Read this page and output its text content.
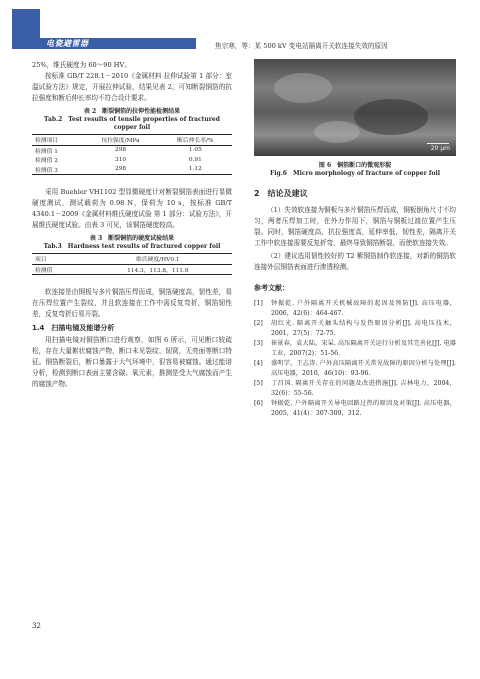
电瓷避雷器	焦宗寒，等：某 500 kV 变电站隔离开关软连接失效的原因

25%，维氏硬度为 60～90 HV。

按标准 GB/T 228.1－2010《金属材料 拉伸试验第 1 部分：室温试验方法》规定，开展拉伸试验，结果见表 2，可知断裂铜箔的抗拉强度和断后伸长率均不符合设计要求。

表 2　断裂铜箔的拉伸性能检测结果
Tab.2　Test results of tensile properties of fractured copper foil
检测项目	抗拉强度/MPa	断后伸长率/%
检测值 1	298	1.05
检测值 2	310	0.91
检测值 3	298	1.12

采用 Buehler VH1102 型显微硬度计对断裂铜箔表面进行显微硬度测试，测试载荷为 0.98 N，保荷为 10 s，按标准 GB/T 4340.1－2009《金属材料维氏硬度试验 第 1 部分：试验方法》，开展维氏硬度试验。由表 3 可见，该铜箔硬度较高。

表 3　断裂铜箔的硬度试验结果
Tab.3　Hardness test results of fractured copper foil
项目	维氏硬度/HV0.1
检测值	114.3，113.8，111.9

软连接是由铜板与多片铜箔压焊而成，铜箔硬度高，韧性差，易在压焊位置产生裂纹，并且软连接在工作中需反复弯折，铜箔韧性差，反复弯折后易开裂。

1.4　扫描电镜及能谱分析

用扫描电镜对铜箔断口进行观察，如图 6 所示，可见断口较疏松，存在大量絮状腐蚀产物，断口未见裂纹、韧窝，无亮面等断口特征。铜箔断裂后，断口暴露于大气环境中，很容易被腐蚀。通过能谱分析，检测到断口表面主要含碳、氧元素，推测是受大气腐蚀而产生的腐蚀产物。

32
20 μm
图 6　铜箔断口的微观形貌
Fig.6　Micro morphology of fracture of copper foil
2　结论及建议

（1）失效软连接为铜板与多片铜箔压焊而成，铜板倒角尺寸不均匀，两者压焊加工时，在外力作用下，铜箔与铜板过渡位置产生压裂。同时，铜箔硬度高，抗拉强度高，延伸率低，韧性差，隔离开关工作中软连接需要反复折弯，最终导致铜箔断裂，而使软连接失效。

（2）建议选用韧性较好的 T2 紫铜箔制作软连接，对新的铜箔软连接外层铜箔表面进行渗透检测。

参考文献：
[1]	钟振乾. 户外隔离开关机械故障的起因及预防[J]. 高压电器，2006，42(6)：464-467.
[2]	胡红光. 隔离开关触头结构与发热原因分析[J]. 高电压技术，2001，27(5)：72-75.
[3]	崔景春，袁大陆，宋杲. 高压隔离开关运行分析及其完善化[J]. 电器工业，2007(2)：51-56.
[4]	盛明学，王志涛. 户外高压隔离开关常见故障的原因分析与处理[J]. 高压电器，2010，46(10)：93-96.
[5]	丁昌国. 隔离开关存在的问题及改进措施[J]. 吉林电力，2004，32(6)：55-56.
[6]	钟振乾. 户外隔离开关导电回路过热的原因及对策[J]. 高压电器，2005，41(4)：307-309，312.
